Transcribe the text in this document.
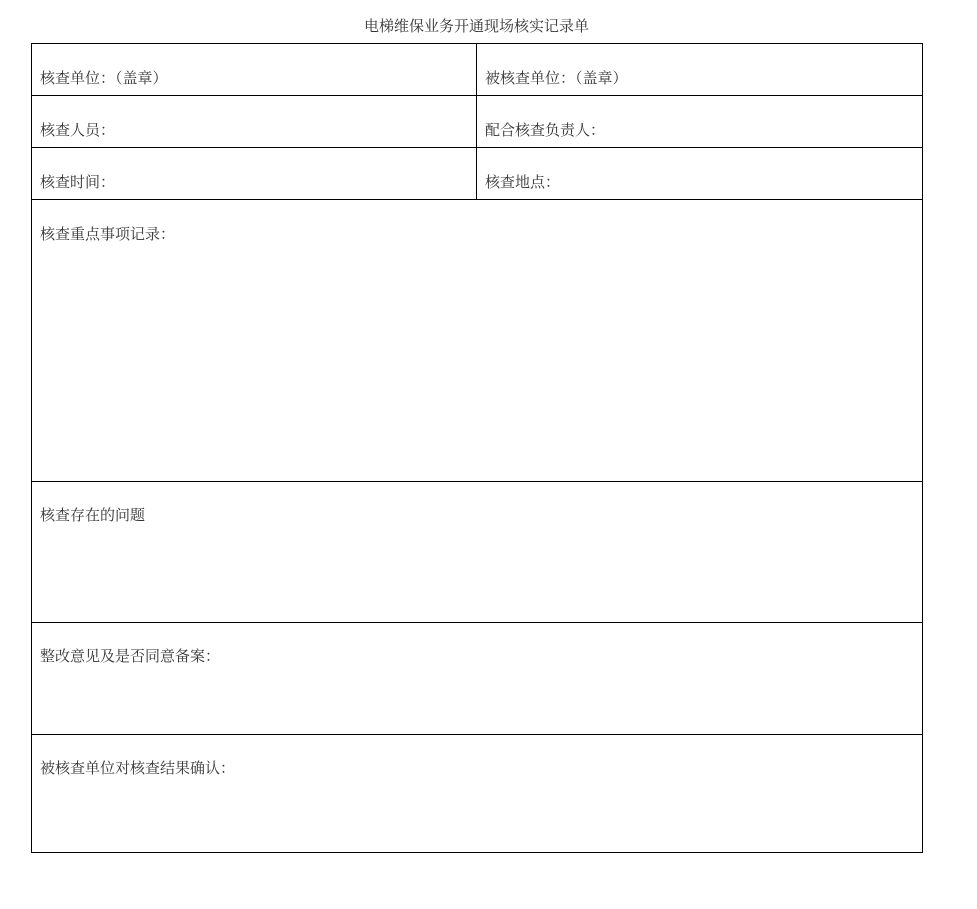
电梯维保业务开通现场核实记录单
核查单位：（盖章）	被核查单位：（盖章）

核查人员：	配合核查负责人：

核查时间：	核查地点：

核查重点事项记录：	

核查存在的问题	

整改意见及是否同意备案：	

被核查单位对核查结果确认：	
